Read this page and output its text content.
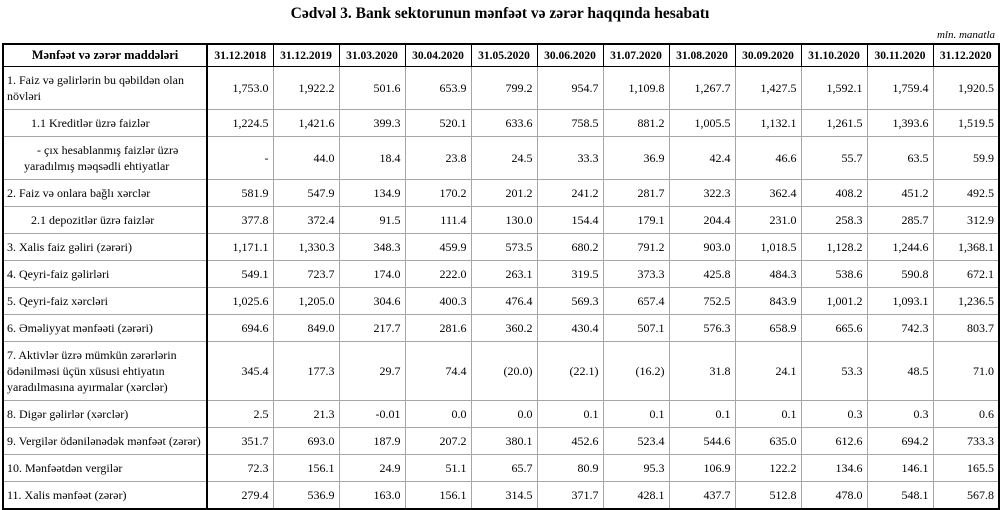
Cədvəl 3. Bank sektorunun mənfəət və zərər haqqında hesabatı
mln. manatla
Mənfəət və zərər maddələri	31.12.2018	31.12.2019	31.03.2020	30.04.2020	31.05.2020	30.06.2020	31.07.2020	31.08.2020	30.09.2020	31.10.2020	30.11.2020	31.12.2020
1. Faiz və gəlirlərin bu qəbildən olan növləri	1,753.0	1,922.2	501.6	653.9	799.2	954.7	1,109.8	1,267.7	1,427.5	1,592.1	1,759.4	1,920.5
1.1 Kreditlər üzrə faizlər	1,224.5	1,421.6	399.3	520.1	633.6	758.5	881.2	1,005.5	1,132.1	1,261.5	1,393.6	1,519.5
- çıx hesablanmış faizlər üzrə yaradılmış məqsədli ehtiyatlar	-	44.0	18.4	23.8	24.5	33.3	36.9	42.4	46.6	55.7	63.5	59.9
2. Faiz və onlara bağlı xərclər	581.9	547.9	134.9	170.2	201.2	241.2	281.7	322.3	362.4	408.2	451.2	492.5
2.1 depozitlər üzrə faizlər	377.8	372.4	91.5	111.4	130.0	154.4	179.1	204.4	231.0	258.3	285.7	312.9
3. Xalis faiz gəliri (zərəri)	1,171.1	1,330.3	348.3	459.9	573.5	680.2	791.2	903.0	1,018.5	1,128.2	1,244.6	1,368.1
4. Qeyri-faiz gəlirləri	549.1	723.7	174.0	222.0	263.1	319.5	373.3	425.8	484.3	538.6	590.8	672.1
5. Qeyri-faiz xərcləri	1,025.6	1,205.0	304.6	400.3	476.4	569.3	657.4	752.5	843.9	1,001.2	1,093.1	1,236.5
6. Əməliyyat mənfəəti (zərəri)	694.6	849.0	217.7	281.6	360.2	430.4	507.1	576.3	658.9	665.6	742.3	803.7
7. Aktivlər üzrə mümkün zərərlərin ödənilməsi üçün xüsusi ehtiyatın yaradılmasına ayırmalar (xərclər)	345.4	177.3	29.7	74.4	(20.0)	(22.1)	(16.2)	31.8	24.1	53.3	48.5	71.0
8. Digər gəlirlər (xərclər)	2.5	21.3	-0.01	0.0	0.0	0.1	0.1	0.1	0.1	0.3	0.3	0.6
9. Vergilər ödənilənədək mənfəət (zərər)	351.7	693.0	187.9	207.2	380.1	452.6	523.4	544.6	635.0	612.6	694.2	733.3
10. Mənfəətdən vergilər	72.3	156.1	24.9	51.1	65.7	80.9	95.3	106.9	122.2	134.6	146.1	165.5
11. Xalis mənfəət (zərər)	279.4	536.9	163.0	156.1	314.5	371.7	428.1	437.7	512.8	478.0	548.1	567.8
